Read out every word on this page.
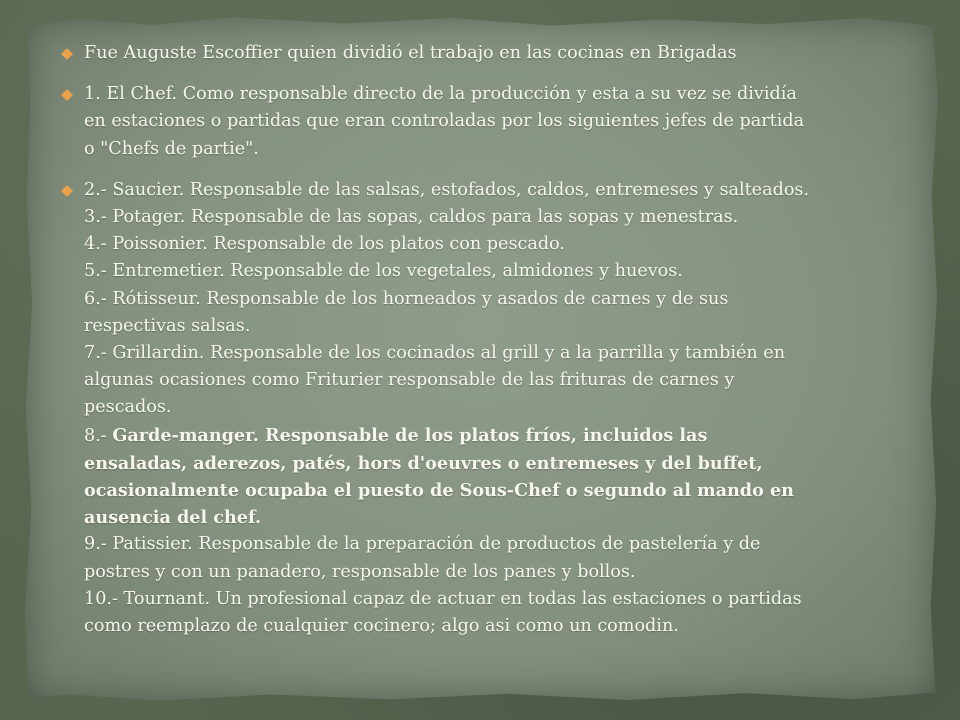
Fue Auguste Escoffier quien dividió el trabajo en las cocinas en Brigadas
1. El Chef. Como responsable directo de la producción y esta a su vez se dividía
en estaciones o partidas que eran controladas por los siguientes jefes de partida
o "Chefs de partie".
2.- Saucier. Responsable de las salsas, estofados, caldos, entremeses y salteados.
3.- Potager. Responsable de las sopas, caldos para las sopas y menestras.
4.- Poissonier. Responsable de los platos con pescado.
5.- Entremetier. Responsable de los vegetales, almidones y huevos.
6.- Rótisseur. Responsable de los horneados y asados de carnes y de sus
respectivas salsas.
7.- Grillardin. Responsable de los cocinados al grill y a la parrilla y también en
algunas ocasiones como Friturier responsable de las frituras de carnes y
pescados.
8.- Garde-manger. Responsable de los platos fríos, incluidos las
ensaladas, aderezos, patés, hors d'oeuvres o entremeses y del buffet,
ocasionalmente ocupaba el puesto de Sous-Chef o segundo al mando en
ausencia del chef.
9.- Patissier. Responsable de la preparación de productos de pastelería y de
postres y con un panadero, responsable de los panes y bollos.
10.- Tournant. Un profesional capaz de actuar en todas las estaciones o partidas
como reemplazo de cualquier cocinero; algo asi como un comodin.
